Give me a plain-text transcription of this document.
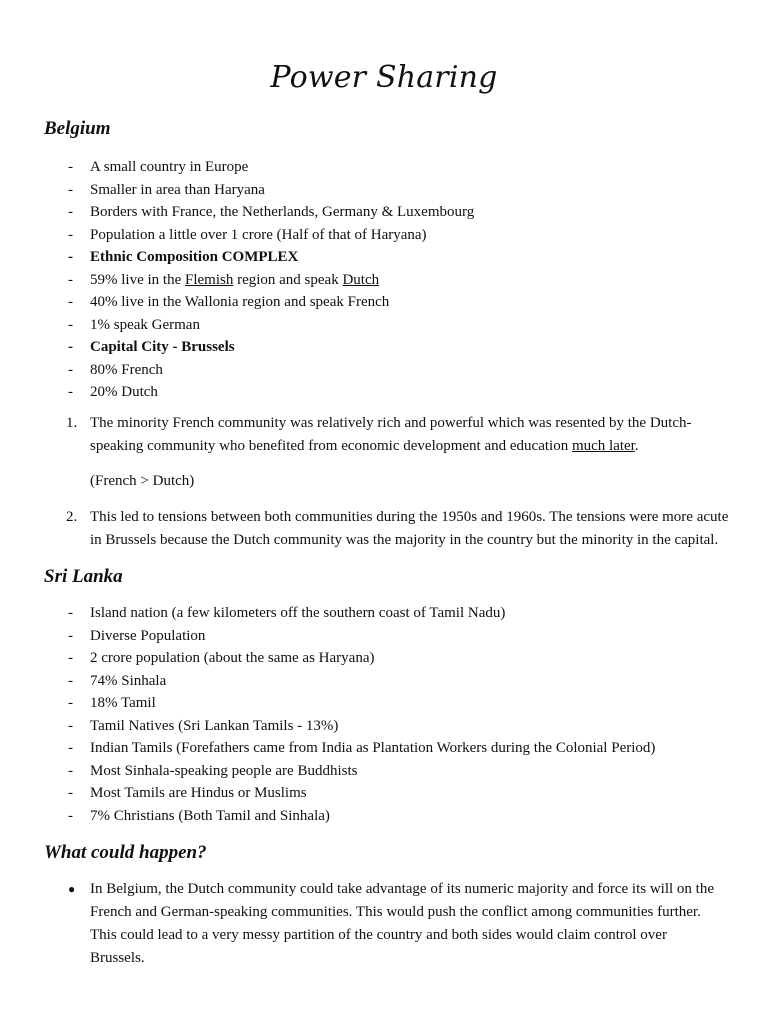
Power Sharing
Belgium
- A small country in Europe
- Smaller in area than Haryana
- Borders with France, the Netherlands, Germany & Luxembourg
- Population a little over 1 crore (Half of that of Haryana)
- Ethnic Composition COMPLEX
- 59% live in the Flemish region and speak Dutch
- 40% live in the Wallonia region and speak French
- 1% speak German
- Capital City - Brussels
- 80% French
- 20% Dutch
1. The minority French community was relatively rich and powerful which was resented by the Dutch-speaking community who benefited from economic development and education much later.
(French > Dutch)
2. This led to tensions between both communities during the 1950s and 1960s. The tensions were more acute in Brussels because the Dutch community was the majority in the country but the minority in the capital.
Sri Lanka
- Island nation (a few kilometers off the southern coast of Tamil Nadu)
- Diverse Population
- 2 crore population (about the same as Haryana)
- 74% Sinhala
- 18% Tamil
- Tamil Natives (Sri Lankan Tamils - 13%)
- Indian Tamils (Forefathers came from India as Plantation Workers during the Colonial Period)
- Most Sinhala-speaking people are Buddhists
- Most Tamils are Hindus or Muslims
- 7% Christians (Both Tamil and Sinhala)
What could happen?
● In Belgium, the Dutch community could take advantage of its numeric majority and force its will on the French and German-speaking communities. This would push the conflict among communities further. This could lead to a very messy partition of the country and both sides would claim control over Brussels.
